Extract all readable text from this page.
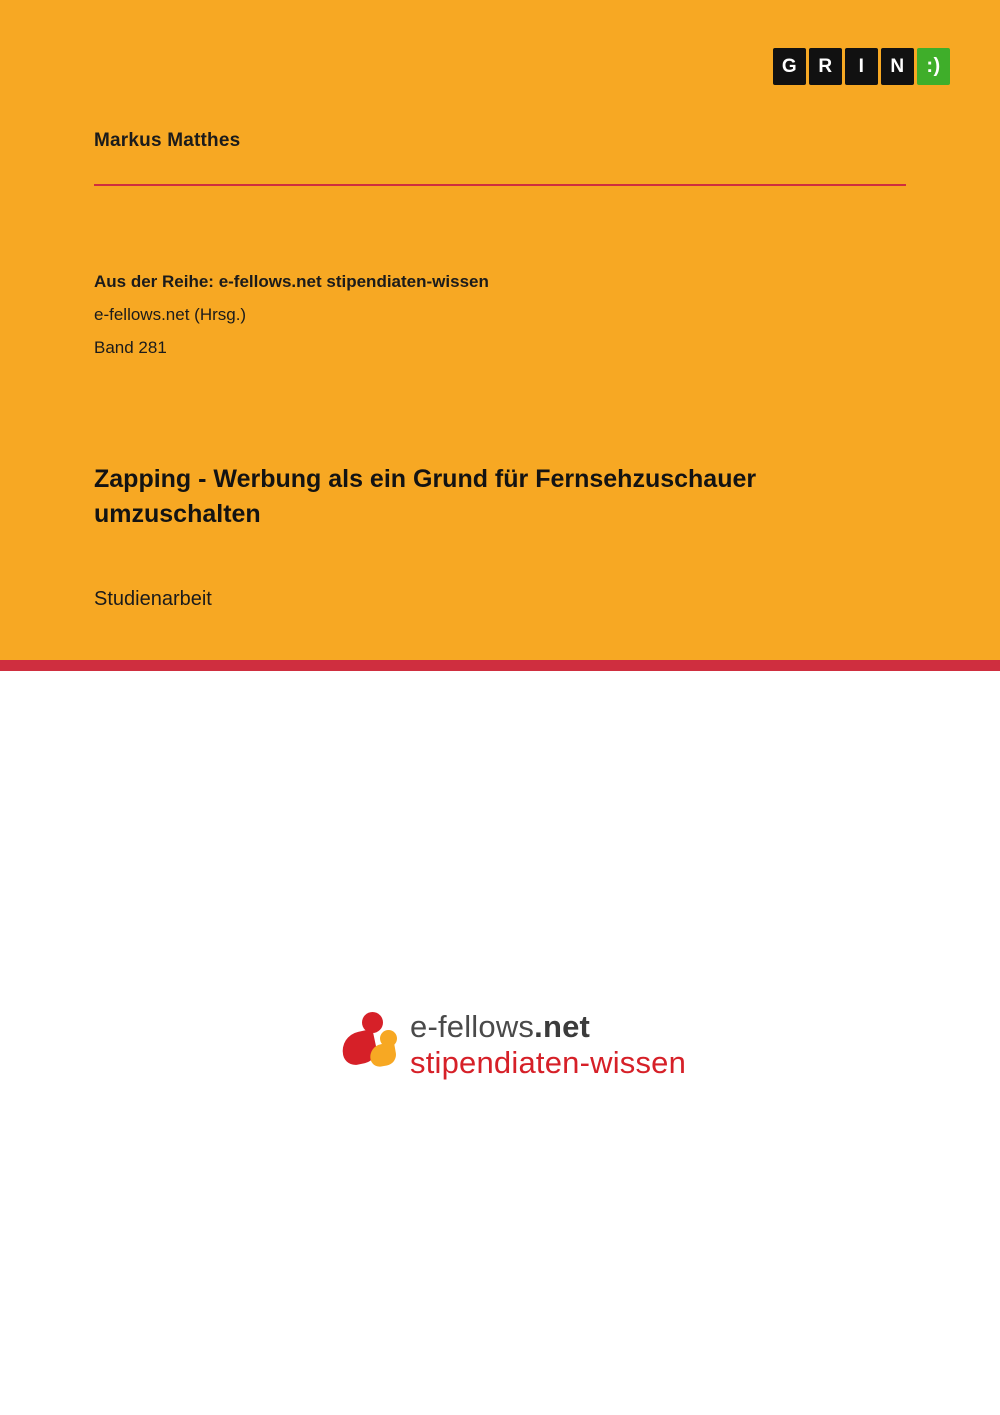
G	R	I	N	:)
Markus Matthes
Aus der Reihe: e-fellows.net stipendiaten-wissen
e-fellows.net (Hrsg.)
Band 281
Zapping - Werbung als ein Grund für Fernsehzuschauer umzuschalten
Studienarbeit
e-fellows.net
stipendiaten-wissen
